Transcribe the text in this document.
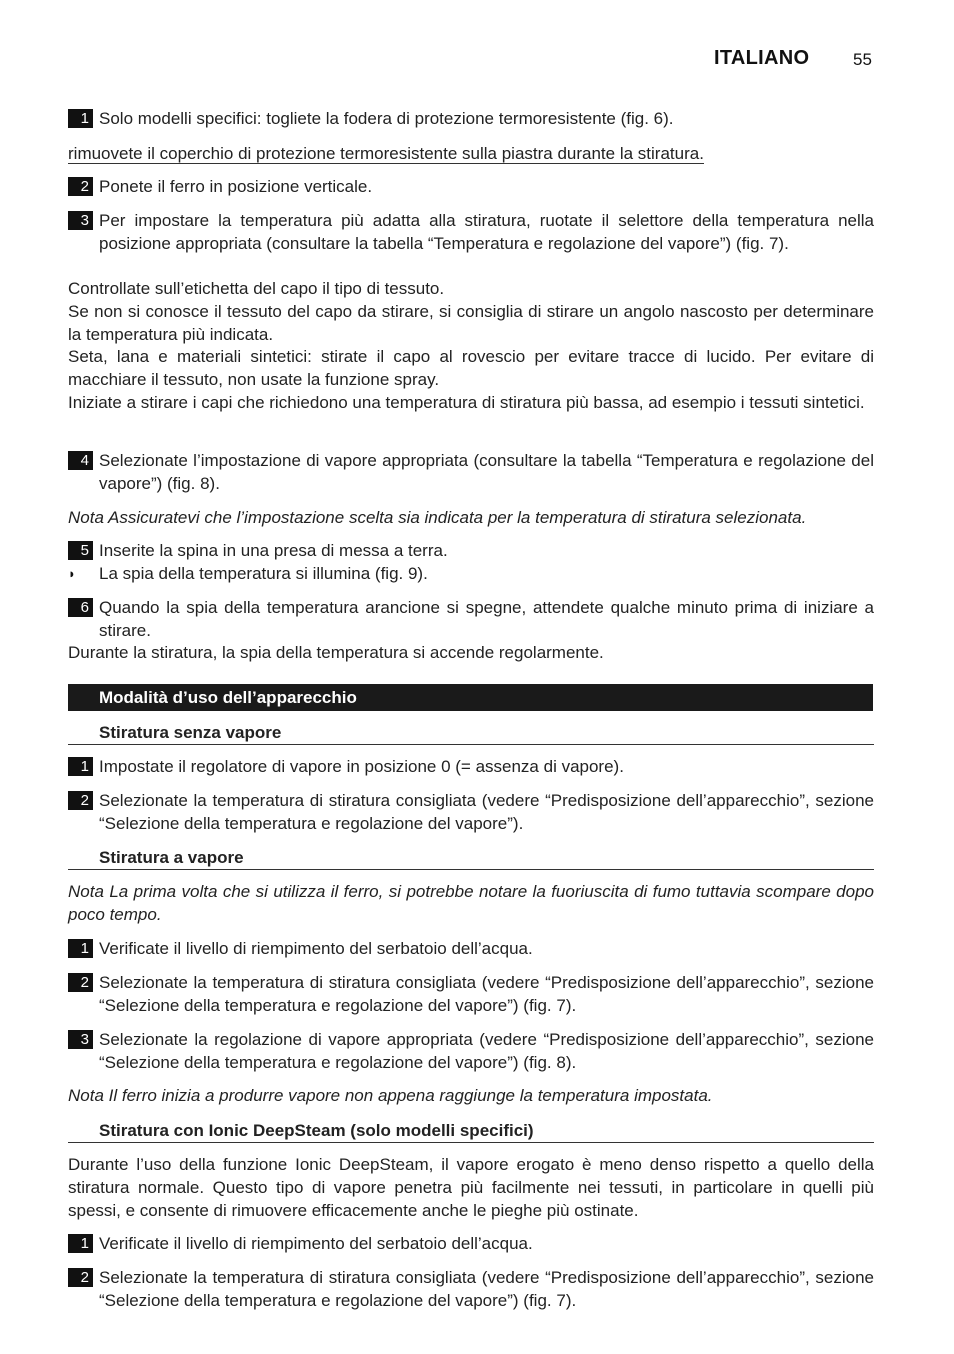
ITALIANO	55
1 Solo modelli specifici: togliete la fodera di protezione termoresistente (fig. 6).
rimuovete il coperchio di protezione termoresistente sulla piastra durante la stiratura.
2 Ponete il ferro in posizione verticale.
3 Per impostare la temperatura più adatta alla stiratura, ruotate il selettore della temperatura nella posizione appropriata (consultare la tabella “Temperatura e regolazione del vapore”) (fig. 7).
Controllate sull’etichetta del capo il tipo di tessuto.
Se non si conosce il tessuto del capo da stirare, si consiglia di stirare un angolo nascosto per determinare la temperatura più indicata.
Seta, lana e materiali sintetici: stirate il capo al rovescio per evitare tracce di lucido. Per evitare di macchiare il tessuto, non usate la funzione spray.
Iniziate a stirare i capi che richiedono una temperatura di stiratura più bassa, ad esempio i tessuti sintetici.
4 Selezionate l’impostazione di vapore appropriata (consultare la tabella “Temperatura e regolazione del vapore”) (fig. 8).
Nota Assicuratevi che l’impostazione scelta sia indicata per la temperatura di stiratura selezionata.
5 Inserite la spina in una presa di messa a terra.
◗	La spia della temperatura si illumina (fig. 9).
6 Quando la spia della temperatura arancione si spegne, attendete qualche minuto prima di iniziare a stirare.
Durante la stiratura, la spia della temperatura si accende regolarmente.
Modalità d’uso dell’apparecchio
Stiratura senza vapore
1 Impostate il regolatore di vapore in posizione 0 (= assenza di vapore).
2 Selezionate la temperatura di stiratura consigliata (vedere “Predisposizione dell’apparecchio”, sezione “Selezione della temperatura e regolazione del vapore”).
Stiratura a vapore
Nota La prima volta che si utilizza il ferro, si potrebbe notare la fuoriuscita di fumo tuttavia scompare dopo poco tempo.
1 Verificate il livello di riempimento del serbatoio dell’acqua.
2 Selezionate la temperatura di stiratura consigliata (vedere “Predisposizione dell’apparecchio”, sezione “Selezione della temperatura e regolazione del vapore”) (fig. 7).
3 Selezionate la regolazione di vapore appropriata (vedere “Predisposizione dell’apparecchio”, sezione “Selezione della temperatura e regolazione del vapore”) (fig. 8).
Nota Il ferro inizia a produrre vapore non appena raggiunge la temperatura impostata.
Stiratura con Ionic DeepSteam (solo modelli specifici)
Durante l’uso della funzione Ionic DeepSteam, il vapore erogato è meno denso rispetto a quello della stiratura normale. Questo tipo di vapore penetra più facilmente nei tessuti, in particolare in quelli più spessi, e consente di rimuovere efficacemente anche le pieghe più ostinate.
1 Verificate il livello di riempimento del serbatoio dell’acqua.
2 Selezionate la temperatura di stiratura consigliata (vedere “Predisposizione dell’apparecchio”, sezione “Selezione della temperatura e regolazione del vapore”) (fig. 7).
